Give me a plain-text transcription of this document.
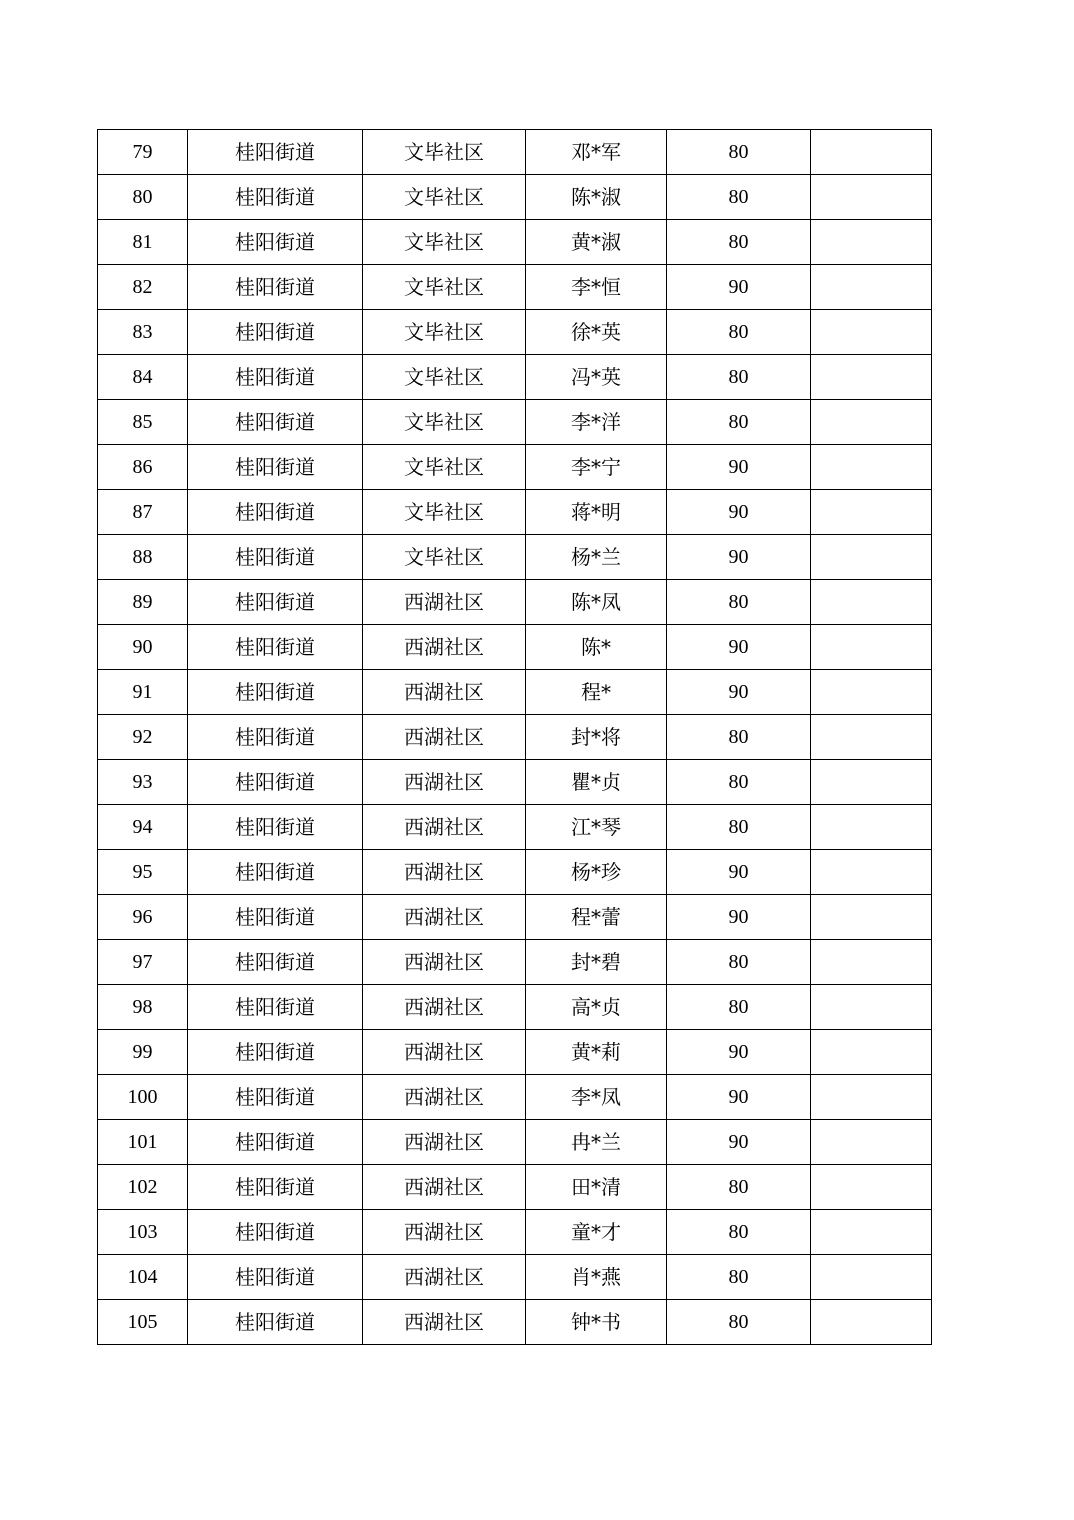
79	桂阳街道	文毕社区	邓*军	80	
80	桂阳街道	文毕社区	陈*淑	80	
81	桂阳街道	文毕社区	黄*淑	80	
82	桂阳街道	文毕社区	李*恒	90	
83	桂阳街道	文毕社区	徐*英	80	
84	桂阳街道	文毕社区	冯*英	80	
85	桂阳街道	文毕社区	李*洋	80	
86	桂阳街道	文毕社区	李*宁	90	
87	桂阳街道	文毕社区	蒋*明	90	
88	桂阳街道	文毕社区	杨*兰	90	
89	桂阳街道	西湖社区	陈*凤	80	
90	桂阳街道	西湖社区	陈*	90	
91	桂阳街道	西湖社区	程*	90	
92	桂阳街道	西湖社区	封*将	80	
93	桂阳街道	西湖社区	瞿*贞	80	
94	桂阳街道	西湖社区	江*琴	80	
95	桂阳街道	西湖社区	杨*珍	90	
96	桂阳街道	西湖社区	程*蕾	90	
97	桂阳街道	西湖社区	封*碧	80	
98	桂阳街道	西湖社区	高*贞	80	
99	桂阳街道	西湖社区	黄*莉	90	
100	桂阳街道	西湖社区	李*凤	90	
101	桂阳街道	西湖社区	冉*兰	90	
102	桂阳街道	西湖社区	田*清	80	
103	桂阳街道	西湖社区	童*才	80	
104	桂阳街道	西湖社区	肖*燕	80	
105	桂阳街道	西湖社区	钟*书	80	
